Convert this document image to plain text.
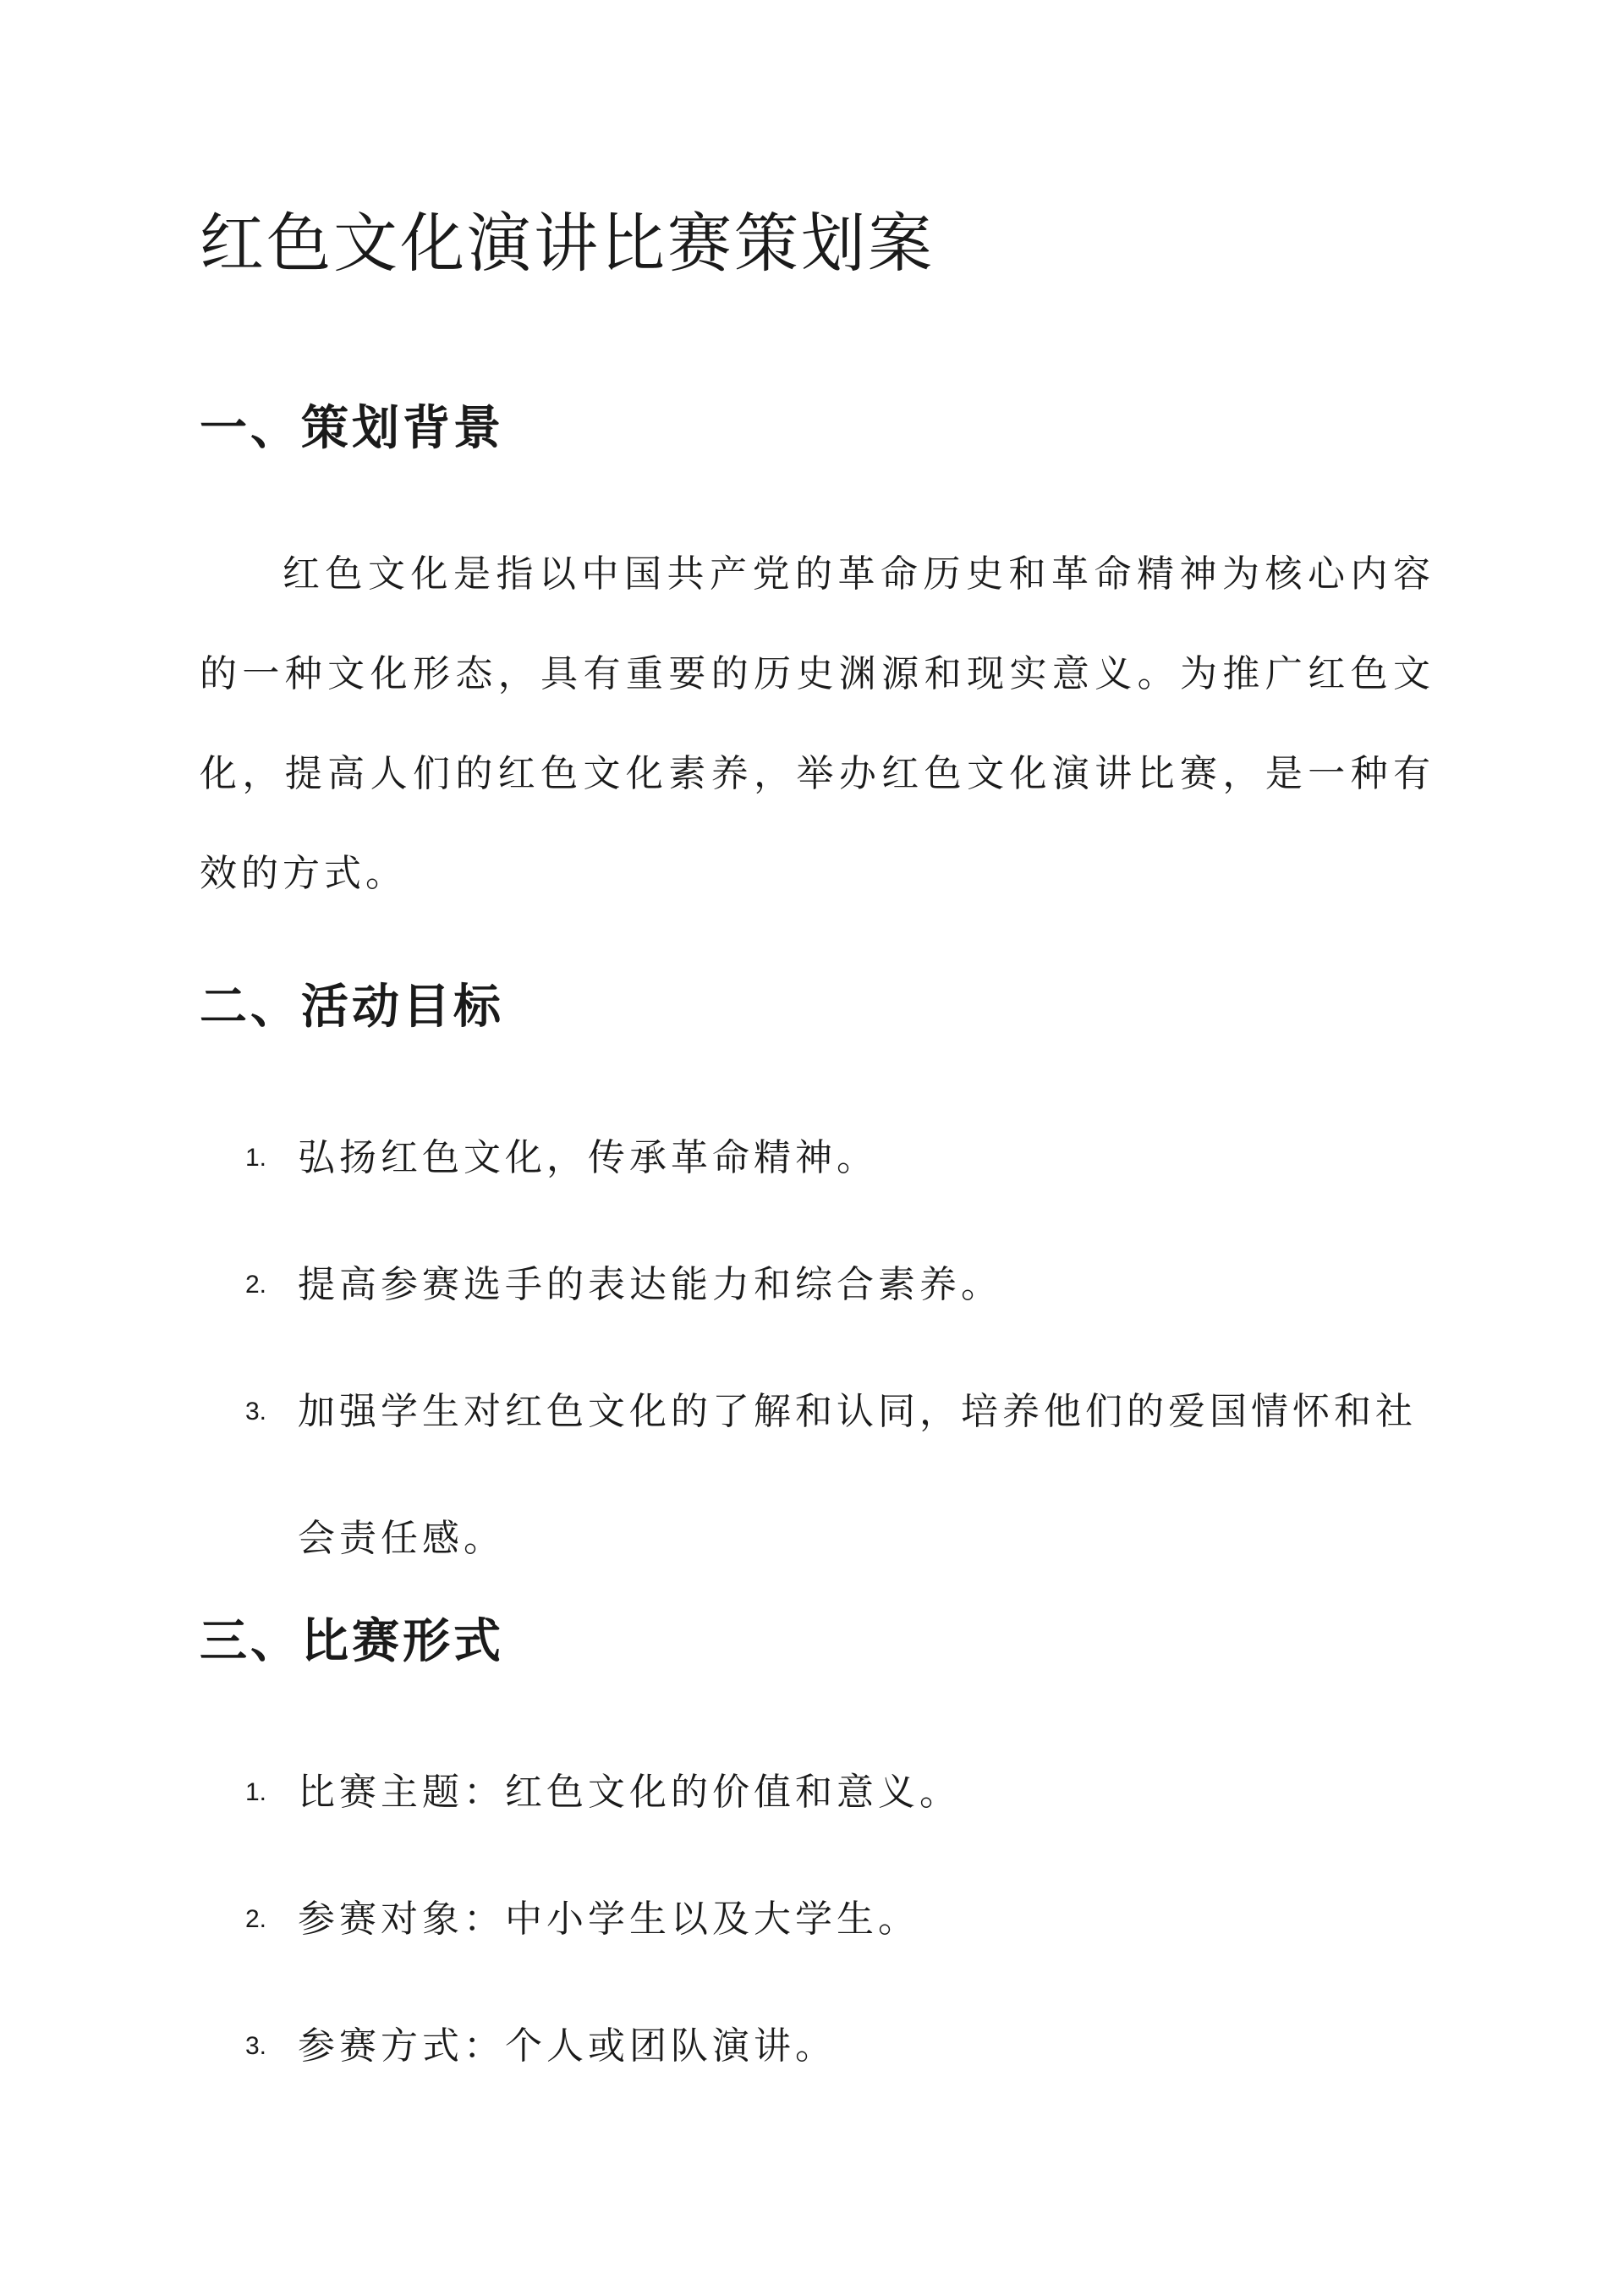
红色文化演讲比赛策划案
一、策划背景

红色文化是指以中国共产党的革命历史和革命精神为核心内容的一种文化形态，具有重要的历史渊源和现实意义。为推广红色文化，提高人们的红色文化素养，举办红色文化演讲比赛，是一种有效的方式。

二、活动目标
1. 弘扬红色文化，传承革命精神。

2. 提高参赛选手的表达能力和综合素养。

3. 加强学生对红色文化的了解和认同，培养他们的爱国情怀和社会责任感。

三、比赛形式
1. 比赛主题：红色文化的价值和意义。

2. 参赛对象：中小学生以及大学生。

3. 参赛方式：个人或团队演讲。
